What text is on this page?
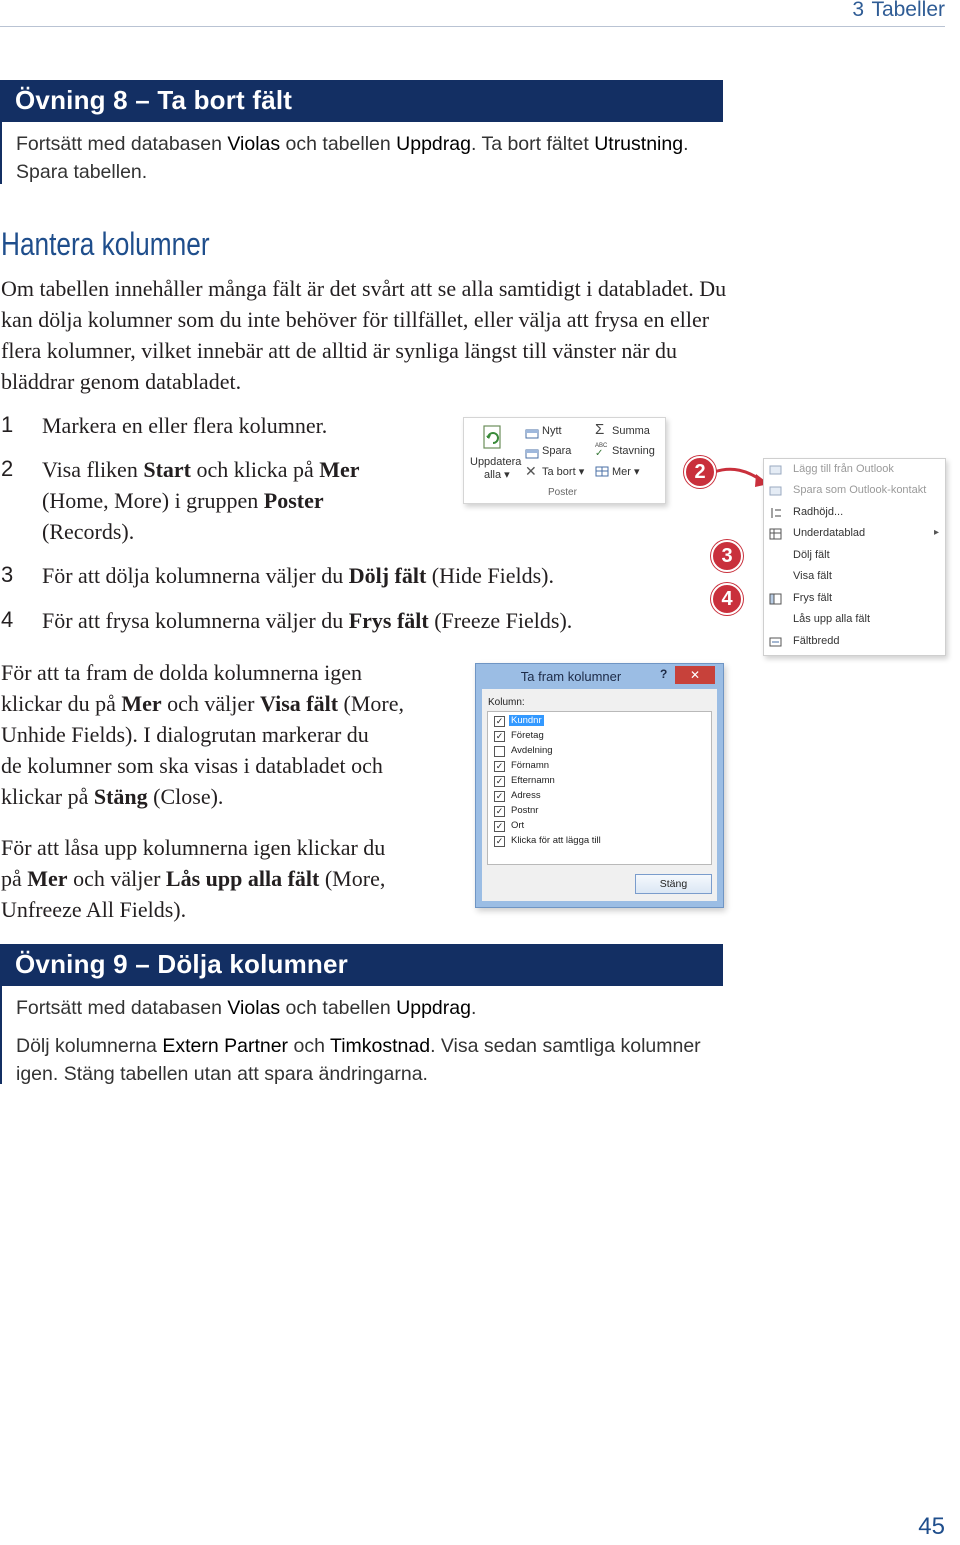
3 Tabeller
Övning 8 – Ta bort fält
Fortsätt med databasen Violas och tabellen Uppdrag. Ta bort fältet Utrustning.
Spara tabellen.
Hantera kolumner
Om tabellen innehåller många fält är det svårt att se alla samtidigt i databladet. Du kan dölja kolumner som du inte behöver för tillfället, eller välja att frysa en eller flera kolumner, vilket innebär att de alltid är synliga längst till vänster när du bläddrar genom databladet.
1 Markera en eller flera kolumner.
2 Visa fliken Start och klicka på Mer
(Home, More) i gruppen Poster
(Records).
3 För att dölja kolumnerna väljer du Dölj fält (Hide Fields).
4 För att frysa kolumnerna väljer du Frys fält (Freeze Fields).
För att ta fram de dolda kolumnerna igen
klickar du på Mer och väljer Visa fält (More,
Unhide Fields). I dialogrutan markerar du
de kolumner som ska visas i databladet och
klickar på Stäng (Close).
För att låsa upp kolumnerna igen klickar du
på Mer och väljer Lås upp alla fält (More,
Unfreeze All Fields).
Uppdatera
alla ▾
Nytt
Spara
✕ Ta bort ▾
Σ Summa
ABC
✓ Stavning
Mer ▾
Poster
2
3
4
Lägg till från Outlook
Spara som Outlook-kontakt
Radhöjd...
Underdatablad	▸
Dölj fält
Visa fält
Frys fält
Lås upp alla fält
Fältbredd
Ta fram kolumner	?	✕
Kolumn:
✓ Kundnr
✓ Företag
Avdelning
✓ Förnamn
✓ Efternamn
✓ Adress
✓ Postnr
✓ Ort
✓ Klicka för att lägga till
Stäng
Övning 9 – Dölja kolumner
Fortsätt med databasen Violas och tabellen Uppdrag.
Dölj kolumnerna Extern Partner och Timkostnad. Visa sedan samtliga kolumner
igen. Stäng tabellen utan att spara ändringarna.
45
